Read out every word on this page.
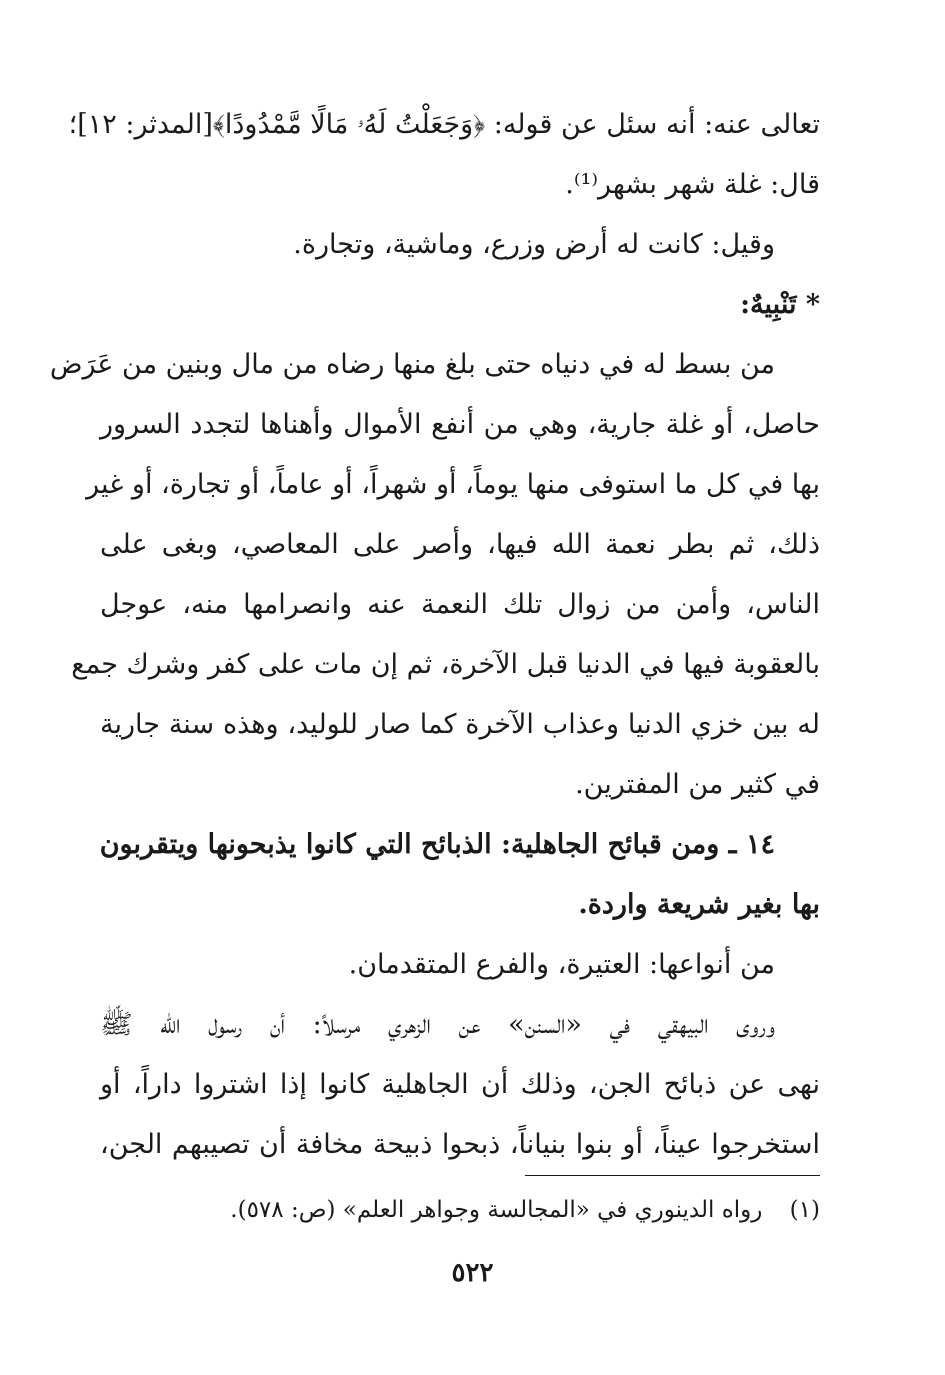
تعالى عنه: أنه سئل عن قوله: ﴿وَجَعَلْتُ لَهُۥ مَالًا مَّمْدُودًا﴾[المدثر: ١٢]؛
قال: غلة شهر بشهر⁽¹⁾.
وقيل: كانت له أرض وزرع، وماشية، وتجارة.
* تَنْبِيهٌ:
من بسط له في دنياه حتى بلغ منها رضاه من مال وبنين من عَرَض
حاصل، أو غلة جارية، وهي من أنفع الأموال وأهناها لتجدد السرور
بها في كل ما استوفى منها يوماً، أو شهراً، أو عاماً، أو تجارة، أو غير
ذلك، ثم بطر نعمة الله فيها، وأصر على المعاصي، وبغى على
الناس، وأمن من زوال تلك النعمة عنه وانصرامها منه، عوجل
بالعقوبة فيها في الدنيا قبل الآخرة، ثم إن مات على كفر وشرك جمع
له بين خزي الدنيا وعذاب الآخرة كما صار للوليد، وهذه سنة جارية
في كثير من المفترين.
١٤ ـ ومن قبائح الجاهلية: الذبائح التي كانوا يذبحونها ويتقربون
بها بغير شريعة واردة.
من أنواعها: العتيرة، والفرع المتقدمان.
وروى البيهقي في «السنن» عن الزهري مرسلاً: أن رسول الله ﷺ
نهى عن ذبائح الجن، وذلك أن الجاهلية كانوا إذا اشتروا داراً، أو
استخرجوا عيناً، أو بنوا بنياناً، ذبحوا ذبيحة مخافة أن تصيبهم الجن،
(١) رواه الدينوري في «المجالسة وجواهر العلم» (ص: ٥٧٨).
٥٢٢
